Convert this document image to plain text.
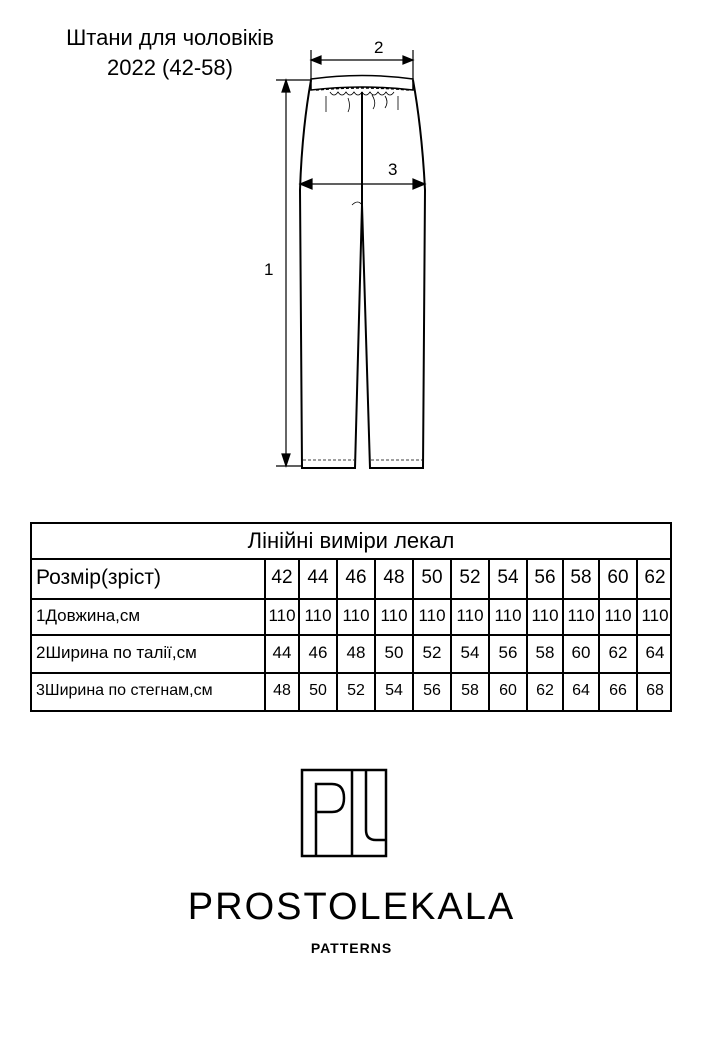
Штани для чоловіків
2022 (42-58)
2
3
1
Лінійні виміри лекал
Розмір(зріст)	42 44 46 48 50 52 54 56 58 60 62
1Довжина,см	110 110 110 110 110 110 110 110 110 110 110
2Ширина по талії,см	44	46	48	50	52	54	56	58	60	62	64
3Ширина по стегнам,см	48	50	52	54	56	58	60	62	64	66	68
PROSTOLEKALA
PATTERNS
